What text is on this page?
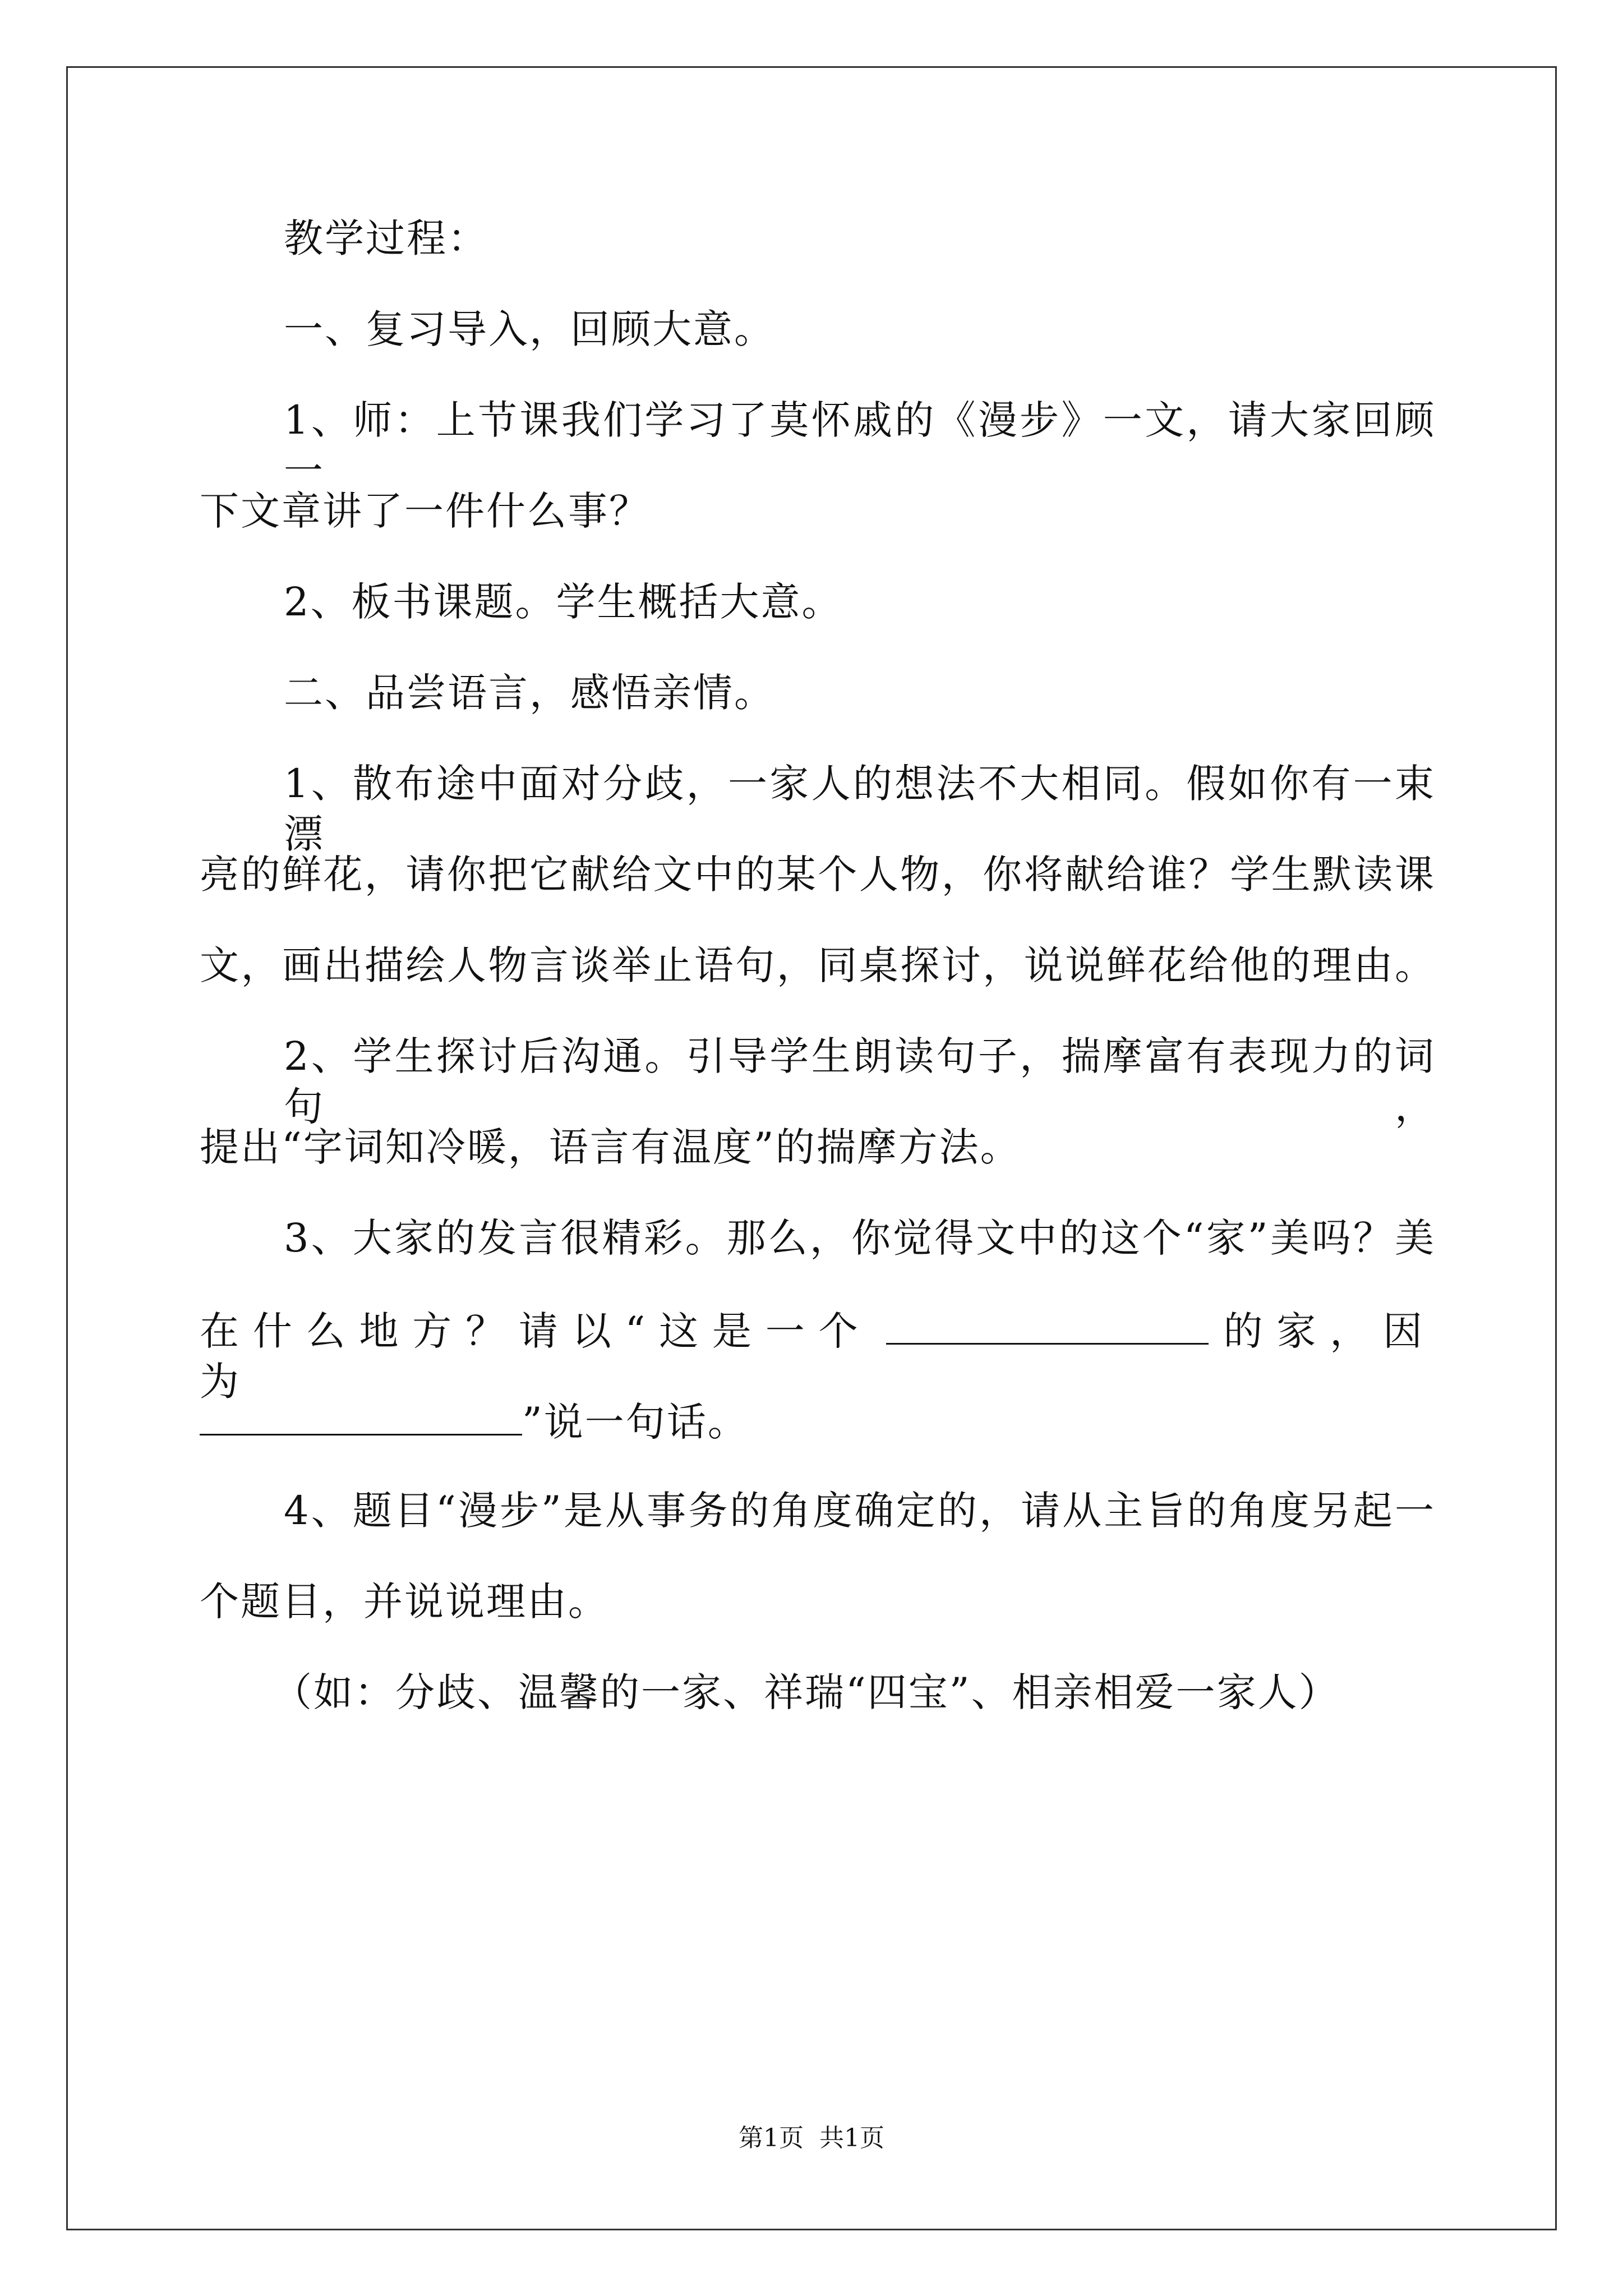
教学过程：
一、复习导入，回顾大意。
1、师：上节课我们学习了莫怀戚的《漫步》一文，请大家回顾一
下文章讲了一件什么事？
2、板书课题。学生概括大意。
二、品尝语言，感悟亲情。
1、散布途中面对分歧，一家人的想法不大相同。假如你有一束漂
亮的鲜花，请你把它献给文中的某个人物，你将献给谁？学生默读课
文，画出描绘人物言谈举止语句，同桌探讨，说说鲜花给他的理由。
2、学生探讨后沟通。引导学生朗读句子，揣摩富有表现力的词句，
提出“字词知冷暖，语言有温度”的揣摩方法。
3、大家的发言很精彩。那么，你觉得文中的这个“家”美吗？美
在什么地方？请以“这是一个	的家，因为
”说一句话。
4、题目“漫步”是从事务的角度确定的，请从主旨的角度另起一
个题目，并说说理由。
（如：分歧、温馨的一家、祥瑞“四宝”、相亲相爱一家人）
第1页 共1页
